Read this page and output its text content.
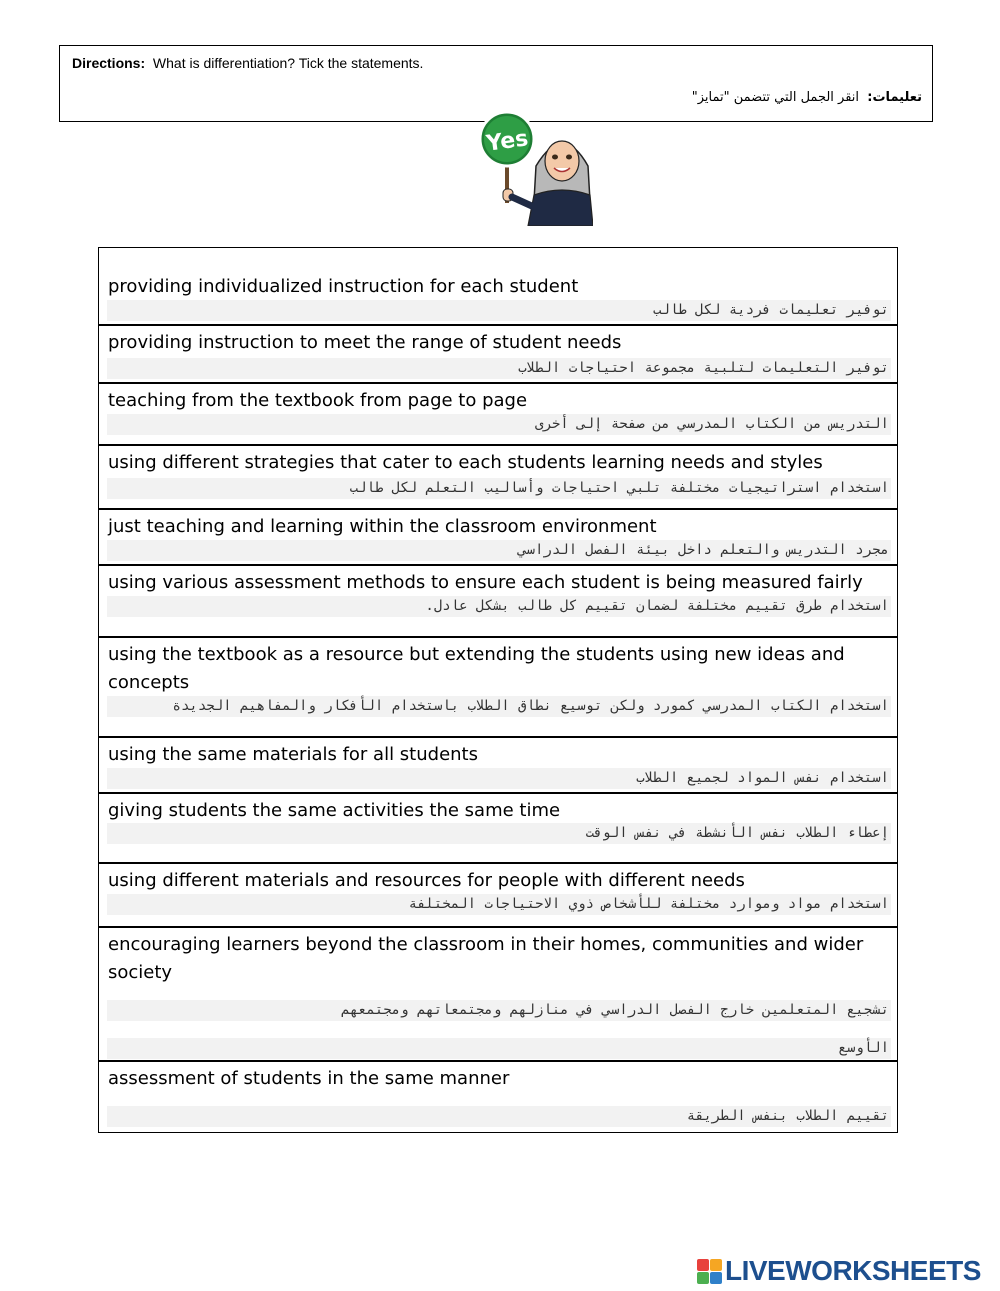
Directions: What is differentiation? Tick the statements.
تعليمات:  انقر الجمل التي تتضمن "تمايز"
Yes
providing individualized instruction for each student
توفير تعليمات فردية لكل طالب
providing instruction to meet the range of student needs
توفير التعليمات لتلبية مجموعة احتياجات الطلاب
teaching from the textbook from page to page
التدريس من الكتاب المدرسي من صفحة إلى أخرى
using different strategies that cater to each students learning needs and styles
استخدام استراتيجيات مختلفة تلبي احتياجات وأساليب التعلم لكل طالب
just teaching and learning within the classroom environment
مجرد التدريس والتعلم داخل بيئة الفصل الدراسي
using various assessment methods to ensure each student is being measured fairly
استخدام طرق تقييم مختلفة لضمان تقييم كل طالب بشكل عادل.
using the textbook as a resource but extending the students using new ideas and concepts
استخدام الكتاب المدرسي كمورد ولكن توسيع نطاق الطلاب باستخدام الأفكار والمفاهيم الجديدة
using the same materials for all students
استخدام نفس المواد لجميع الطلاب
giving students the same activities the same time
إعطاء الطلاب نفس الأنشطة في نفس الوقت
using different materials and resources for people with different needs
استخدام مواد وموارد مختلفة للأشخاص ذوي الاحتياجات المختلفة
encouraging learners beyond the classroom in their homes, communities and wider society
تشجيع المتعلمين خارج الفصل الدراسي في منازلهم ومجتمعاتهم ومجتمعهم
الأوسع
assessment of students in the same manner
تقييم الطلاب بنفس الطريقة
LIVEWORKSHEETS
